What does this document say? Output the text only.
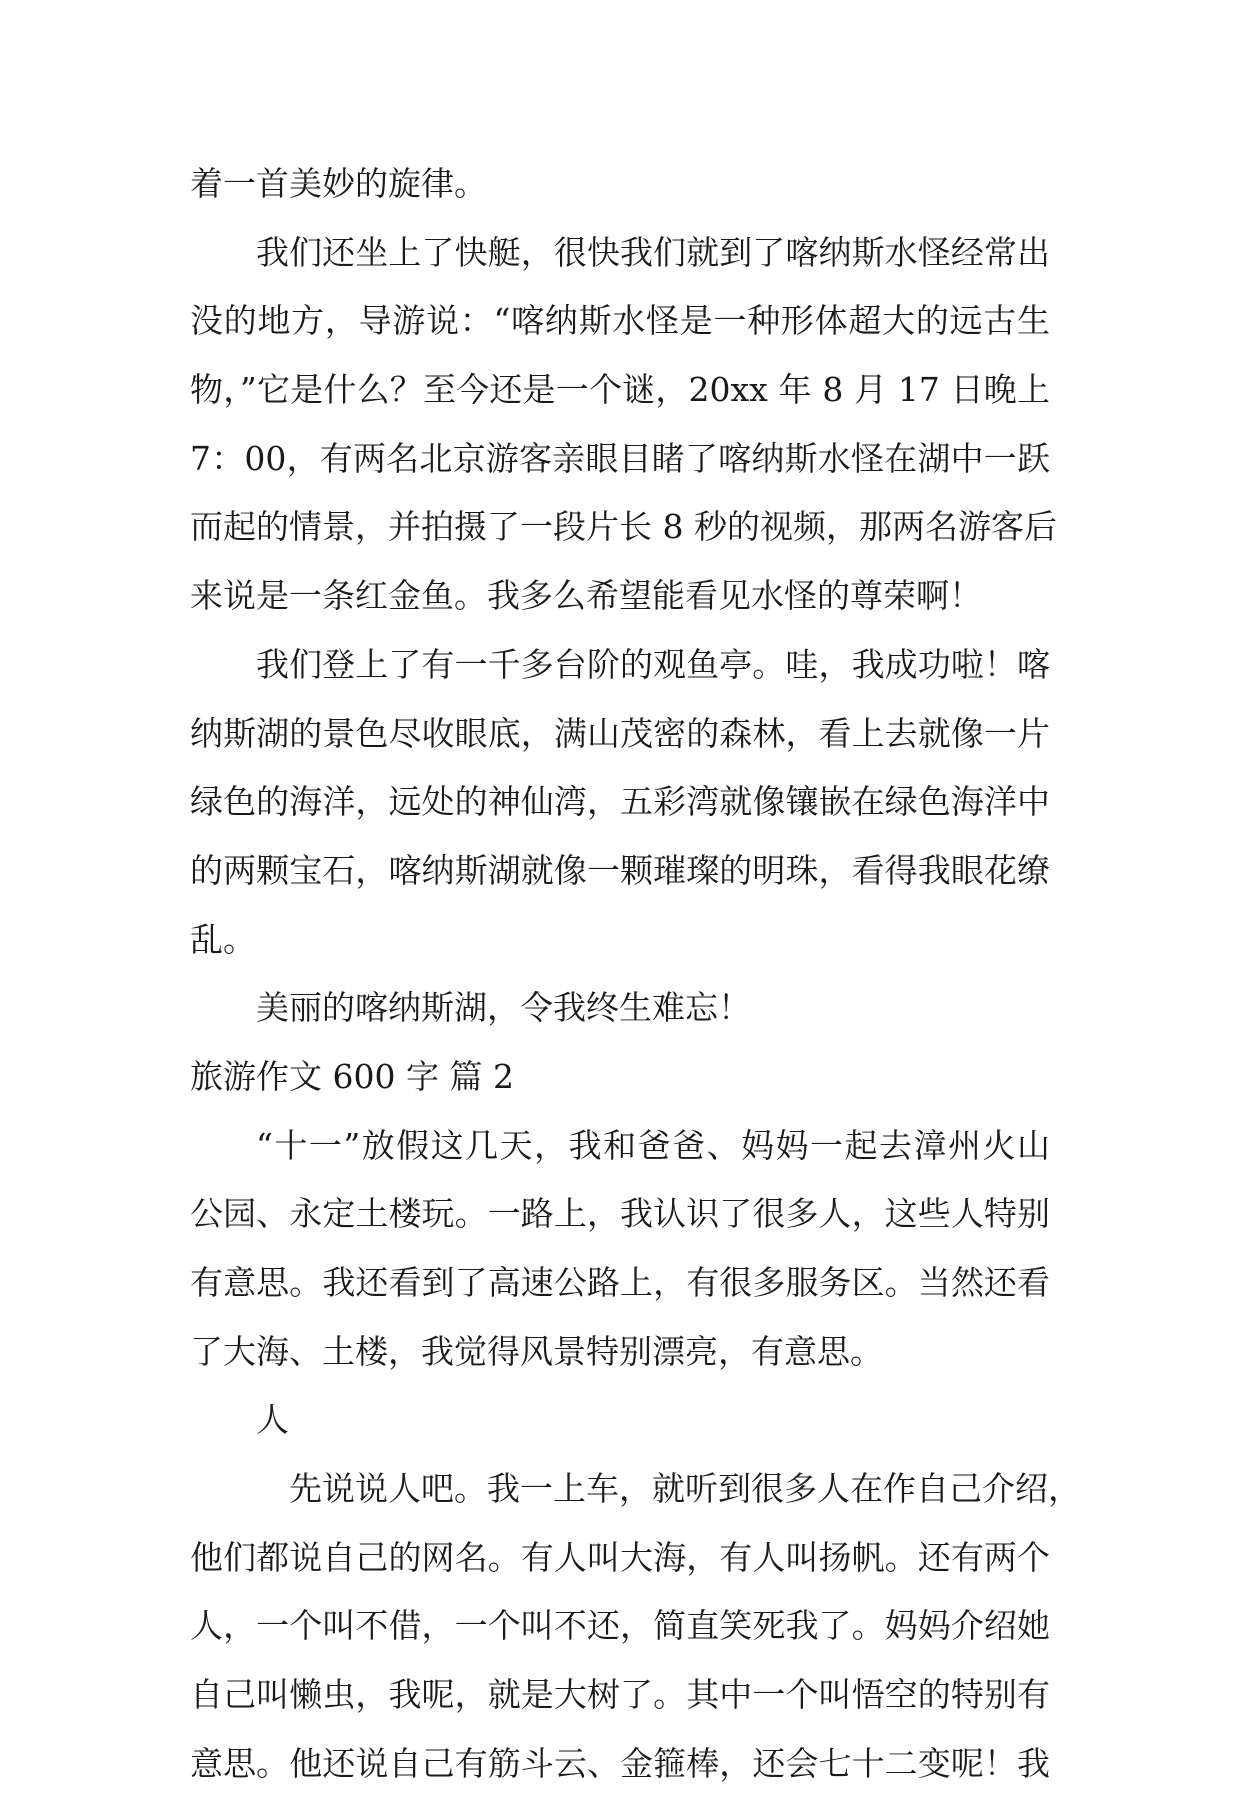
着一首美妙的旋律。
我们还坐上了快艇，很快我们就到了喀纳斯水怪经常出
没的地方，导游说：“喀纳斯水怪是一种形体超大的远古生
物，”它是什么？至今还是一个谜，20xx 年 8 月 17 日晚上
7：00，有两名北京游客亲眼目睹了喀纳斯水怪在湖中一跃
而起的情景，并拍摄了一段片长 8 秒的视频，那两名游客后
来说是一条红金鱼。我多么希望能看见水怪的尊荣啊！
我们登上了有一千多台阶的观鱼亭。哇，我成功啦！喀
纳斯湖的景色尽收眼底，满山茂密的森林，看上去就像一片
绿色的海洋，远处的神仙湾，五彩湾就像镶嵌在绿色海洋中
的两颗宝石，喀纳斯湖就像一颗璀璨的明珠，看得我眼花缭
乱。
美丽的喀纳斯湖，令我终生难忘！
旅游作文 600 字 篇 2
“十一”放假这几天，我和爸爸、妈妈一起去漳州火山
公园、永定土楼玩。一路上，我认识了很多人，这些人特别
有意思。我还看到了高速公路上，有很多服务区。当然还看
了大海、土楼，我觉得风景特别漂亮，有意思。
人
先说说人吧。我一上车，就听到很多人在作自己介绍，
他们都说自己的网名。有人叫大海，有人叫扬帆。还有两个
人，一个叫不借，一个叫不还，简直笑死我了。妈妈介绍她
自己叫懒虫，我呢，就是大树了。其中一个叫悟空的特别有
意思。他还说自己有筋斗云、金箍棒，还会七十二变呢！我
